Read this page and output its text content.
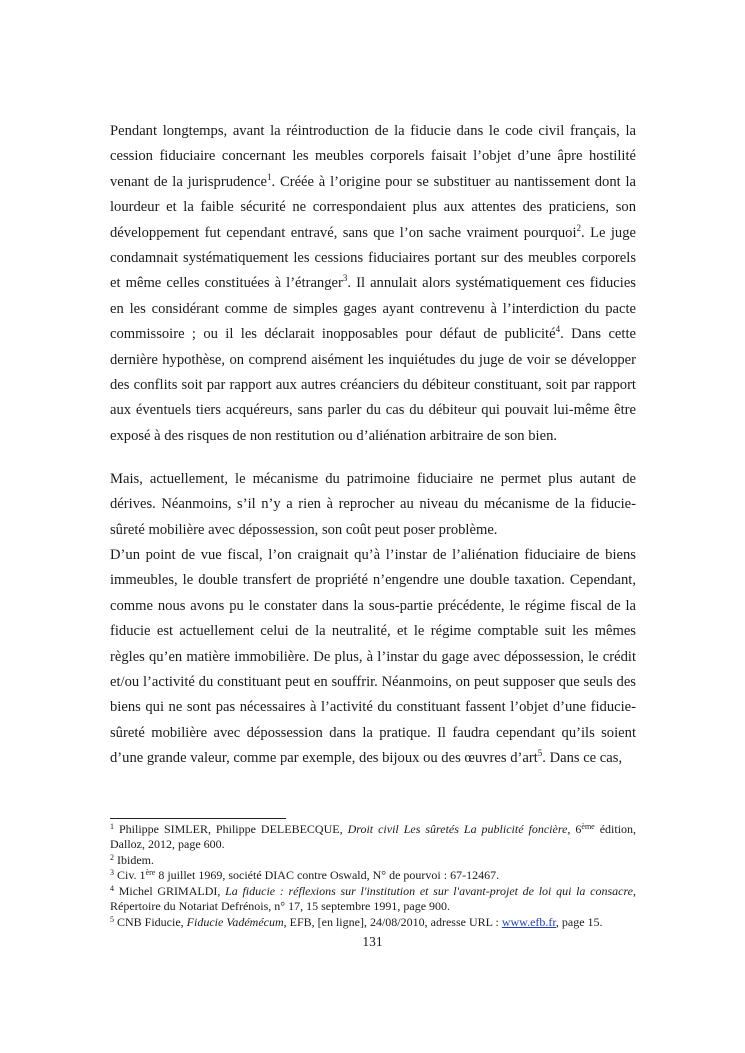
Pendant longtemps, avant la réintroduction de la fiducie dans le code civil français, la
cession fiduciaire concernant les meubles corporels faisait l’objet d’une âpre hostilité
venant de la jurisprudence$^1$. Créée à l’origine pour se substituer au nantissement dont la
lourdeur et la faible sécurité ne correspondaient plus aux attentes des praticiens, son
développement fut cependant entravé, sans que l’on sache vraiment pourquoi$^2$. Le juge
condamnait systématiquement les cessions fiduciaires portant sur des meubles corporels
et même celles constituées à l’étranger$^3$. Il annulait alors systématiquement ces fiducies
en les considérant comme de simples gages ayant contrevenu à l’interdiction du pacte
commissoire ; ou il les déclarait inopposables pour défaut de publicité$^4$. Dans cette
dernière hypothèse, on comprend aisément les inquiétudes du juge de voir se développer
des conflits soit par rapport aux autres créanciers du débiteur constituant, soit par rapport
aux éventuels tiers acquéreurs, sans parler du cas du débiteur qui pouvait lui-même être
exposé à des risques de non restitution ou d’aliénation arbitraire de son bien.
Mais, actuellement, le mécanisme du patrimoine fiduciaire ne permet plus autant de
dérives. Néanmoins, s’il n’y a rien à reprocher au niveau du mécanisme de la fiducie-
sûreté mobilière avec dépossession, son coût peut poser problème.
D’un point de vue fiscal, l’on craignait qu’à l’instar de l’aliénation fiduciaire de biens
immeubles, le double transfert de propriété n’engendre une double taxation. Cependant,
comme nous avons pu le constater dans la sous-partie précédente, le régime fiscal de la
fiducie est actuellement celui de la neutralité, et le régime comptable suit les mêmes
règles qu’en matière immobilière. De plus, à l’instar du gage avec dépossession, le crédit
et/ou l’activité du constituant peut en souffrir. Néanmoins, on peut supposer que seuls des
biens qui ne sont pas nécessaires à l’activité du constituant fassent l’objet d’une fiducie-
sûreté mobilière avec dépossession dans la pratique. Il faudra cependant qu’ils soient
d’une grande valeur, comme par exemple, des bijoux ou des œuvres d’art$^5$. Dans ce cas,
$^1$ Philippe SIMLER, Philippe DELEBECQUE, Droit civil Les sûretés La publicité foncière, 6ème édition,
Dalloz, 2012, page 600.
$^2$ Ibidem.
$^3$ Civ. 1ère 8 juillet 1969, société DIAC contre Oswald, N° de pourvoi : 67-12467.
$^4$ Michel GRIMALDI, La fiducie : réflexions sur l'institution et sur l'avant-projet de loi qui la consacre,
Répertoire du Notariat Defrénois, n° 17, 15 septembre 1991, page 900.
$^5$ CNB Fiducie, Fiducie Vadémécum, EFB, [en ligne], 24/08/2010, adresse URL : www.efb.fr, page 15.
131
